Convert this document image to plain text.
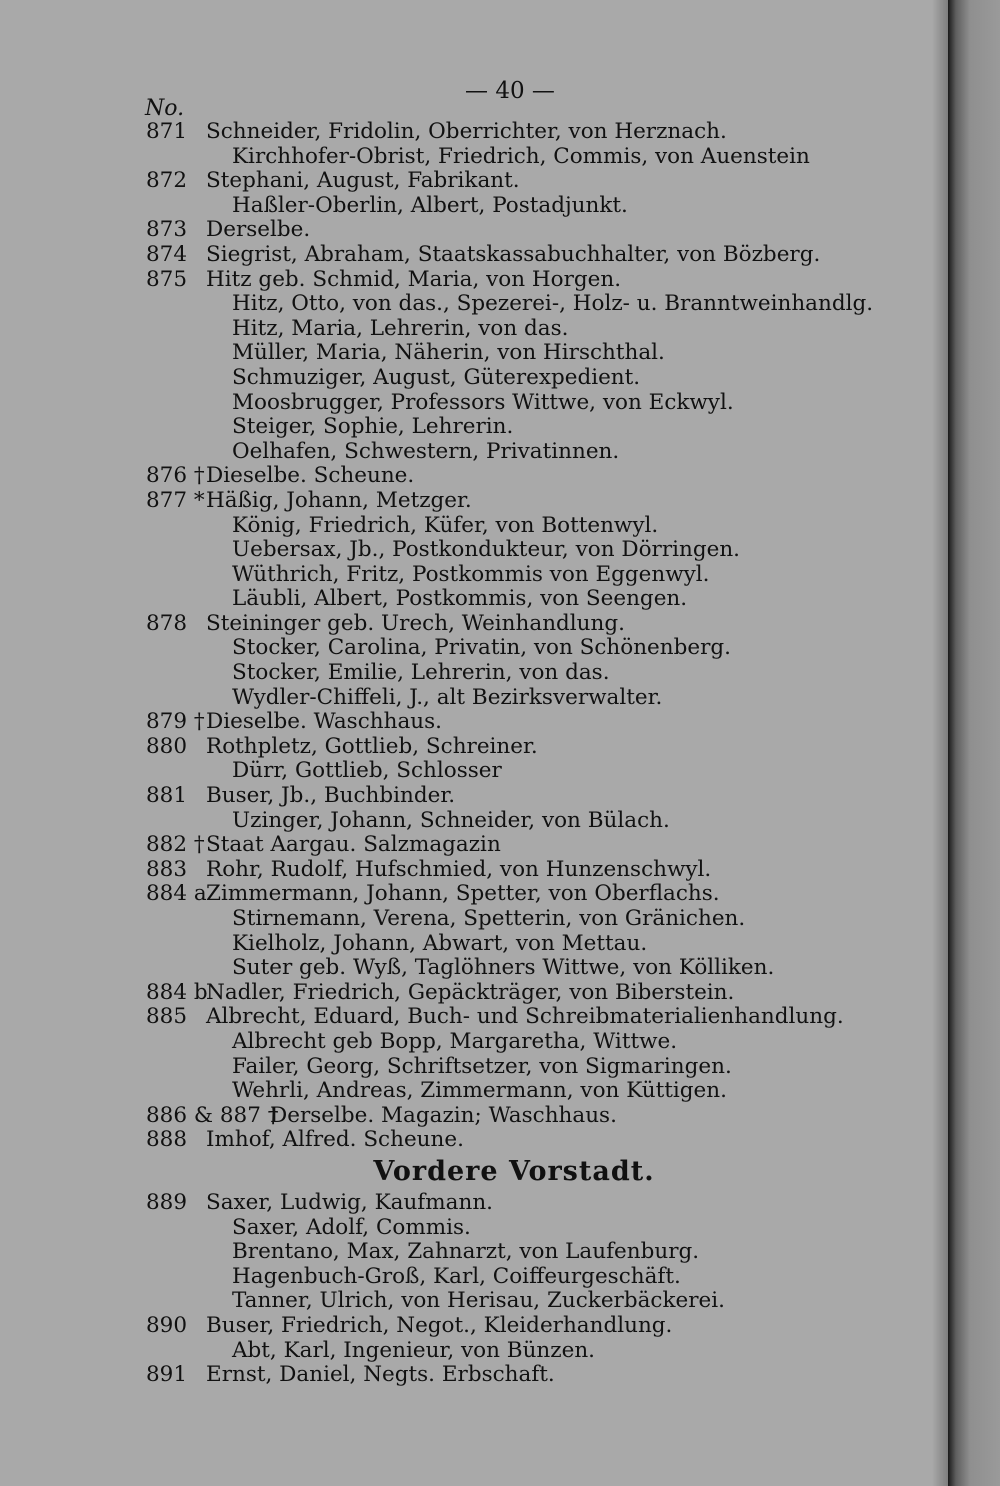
— 40 —
No.
871 Schneider, Fridolin, Oberrichter, von Herznach.
Kirchhofer-Obrist, Friedrich, Commis, von Auenstein
872 Stephani, August, Fabrikant.
Haßler-Oberlin, Albert, Postadjunkt.
873 Derselbe.
874 Siegrist, Abraham, Staatskassabuchhalter, von Bözberg.
875 Hitz geb. Schmid, Maria, von Horgen.
Hitz, Otto, von das., Spezerei-, Holz- u. Branntweinhandlg.
Hitz, Maria, Lehrerin, von das.
Müller, Maria, Näherin, von Hirschthal.
Schmuziger, August, Güterexpedient.
Moosbrugger, Professors Wittwe, von Eckwyl.
Steiger, Sophie, Lehrerin.
Oelhafen, Schwestern, Privatinnen.
876 † Dieselbe. Scheune.
877 * Häßig, Johann, Metzger.
König, Friedrich, Küfer, von Bottenwyl.
Uebersax, Jb., Postkondukteur, von Dörringen.
Wüthrich, Fritz, Postkommis von Eggenwyl.
Läubli, Albert, Postkommis, von Seengen.
878 Steininger geb. Urech, Weinhandlung.
Stocker, Carolina, Privatin, von Schönenberg.
Stocker, Emilie, Lehrerin, von das.
Wydler-Chiffeli, J., alt Bezirksverwalter.
879 † Dieselbe. Waschhaus.
880 Rothpletz, Gottlieb, Schreiner.
Dürr, Gottlieb, Schlosser
881 Buser, Jb., Buchbinder.
Uzinger, Johann, Schneider, von Bülach.
882 † Staat Aargau. Salzmagazin
883 Rohr, Rudolf, Hufschmied, von Hunzenschwyl.
884 a Zimmermann, Johann, Spetter, von Oberflachs.
Stirnemann, Verena, Spetterin, von Gränichen.
Kielholz, Johann, Abwart, von Mettau.
Suter geb. Wyß, Taglöhners Wittwe, von Kölliken.
884 b
Nadler, Friedrich, Gepäckträger, von Biberstein.
885 Albrecht, Eduard, Buch- und Schreibmaterialienhandlung.
Albrecht geb Bopp, Margaretha, Wittwe.
Failer, Georg, Schriftsetzer, von Sigmaringen.
Wehrli, Andreas, Zimmermann, von Küttigen.
886 & 887 †
Derselbe. Magazin; Waschhaus.
888 Imhof, Alfred. Scheune.
Vordere Vorstadt.
889 Saxer, Ludwig, Kaufmann.
Saxer, Adolf, Commis.
Brentano, Max, Zahnarzt, von Laufenburg.
Hagenbuch-Groß, Karl, Coiffeurgeschäft.
Tanner, Ulrich, von Herisau, Zuckerbäckerei.
890 Buser, Friedrich, Negot., Kleiderhandlung.
Abt, Karl, Ingenieur, von Bünzen.
891 Ernst, Daniel, Negts. Erbschaft.
